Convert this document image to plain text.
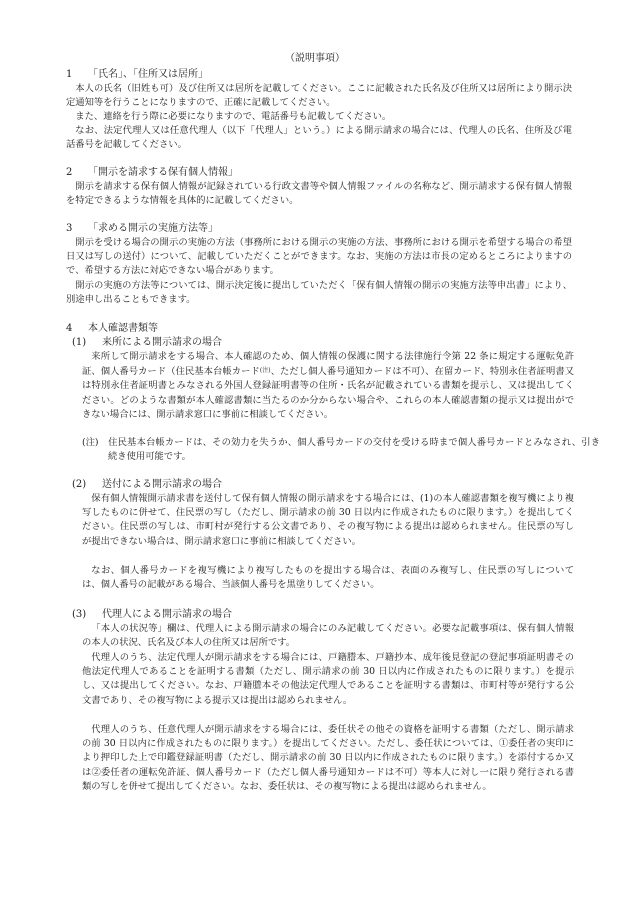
（説明事項）
1 「氏名」、「住所又は居所」

本人の氏名（旧姓も可）及び住所又は居所を記載してください。ここに記載された氏名及び住所又は居所により開示決定通知等を行うことになりますので、正確に記載してください。

また、連絡を行う際に必要になりますので、電話番号も記載してください。

なお、法定代理人又は任意代理人（以下「代理人」という。）による開示請求の場合には、代理人の氏名、住所及び電話番号を記載してください。

2 「開示を請求する保有個人情報」

開示を請求する保有個人情報が記録されている行政文書等や個人情報ファイルの名称など、開示請求する保有個人情報を特定できるような情報を具体的に記載してください。

3 「求める開示の実施方法等」

開示を受ける場合の開示の実施の方法（事務所における開示の実施の方法、事務所における開示を希望する場合の希望日又は写しの送付）について、記載していただくことができます。なお、実施の方法は市長の定めるところによりますので、希望する方法に対応できない場合があります。

開示の実施の方法等については、開示決定後に提出していただく「保有個人情報の開示の実施方法等申出書」により、別途申し出ることもできます。

4 本人確認書類等
(1) 来所による開示請求の場合

来所して開示請求をする場合、本人確認のため、個人情報の保護に関する法律施行令第 22 条に規定する運転免許証、個人番号カード（住民基本台帳カード$^{(注)}$、ただし個人番号通知カードは不可）、在留カード、特別永住者証明書又は特別永住者証明書とみなされる外国人登録証明書等の住所・氏名が記載されている書類を提示し、又は提出してください。どのような書類が本人確認書類に当たるのか分からない場合や、これらの本人確認書類の提示又は提出ができない場合には、開示請求窓口に事前に相談してください。

(注) 住民基本台帳カードは、その効力を失うか、個人番号カードの交付を受ける時まで個人番号カードとみなされ、引き続き使用可能です。

(2) 送付による開示請求の場合

保有個人情報開示請求書を送付して保有個人情報の開示請求をする場合には、(1)の本人確認書類を複写機により複写したものに併せて、住民票の写し（ただし、開示請求の前 30 日以内に作成されたものに限ります。）を提出してください。住民票の写しは、市町村が発行する公文書であり、その複写物による提出は認められません。住民票の写しが提出できない場合は、開示請求窓口に事前に相談してください。

なお、個人番号カードを複写機により複写したものを提出する場合は、表面のみ複写し、住民票の写しについては、個人番号の記載がある場合、当該個人番号を黒塗りしてください。

(3) 代理人による開示請求の場合

「本人の状況等」欄は、代理人による開示請求の場合にのみ記載してください。必要な記載事項は、保有個人情報の本人の状況、氏名及び本人の住所又は居所です。

代理人のうち、法定代理人が開示請求をする場合には、戸籍謄本、戸籍抄本、成年後見登記の登記事項証明書その他法定代理人であることを証明する書類（ただし、開示請求の前 30 日以内に作成されたものに限ります。）を提示し、又は提出してください。なお、戸籍謄本その他法定代理人であることを証明する書類は、市町村等が発行する公文書であり、その複写物による提示又は提出は認められません。

代理人のうち、任意代理人が開示請求をする場合には、委任状その他その資格を証明する書類（ただし、開示請求の前 30 日以内に作成されたものに限ります。）を提出してください。ただし、委任状については、①委任者の実印により押印した上で印鑑登録証明書（ただし、開示請求の前 30 日以内に作成されたものに限ります。）を添付するか又は②委任者の運転免許証、個人番号カード（ただし個人番号通知カードは不可）等本人に対し一に限り発行される書類の写しを併せて提出してください。なお、委任状は、その複写物による提出は認められません。
